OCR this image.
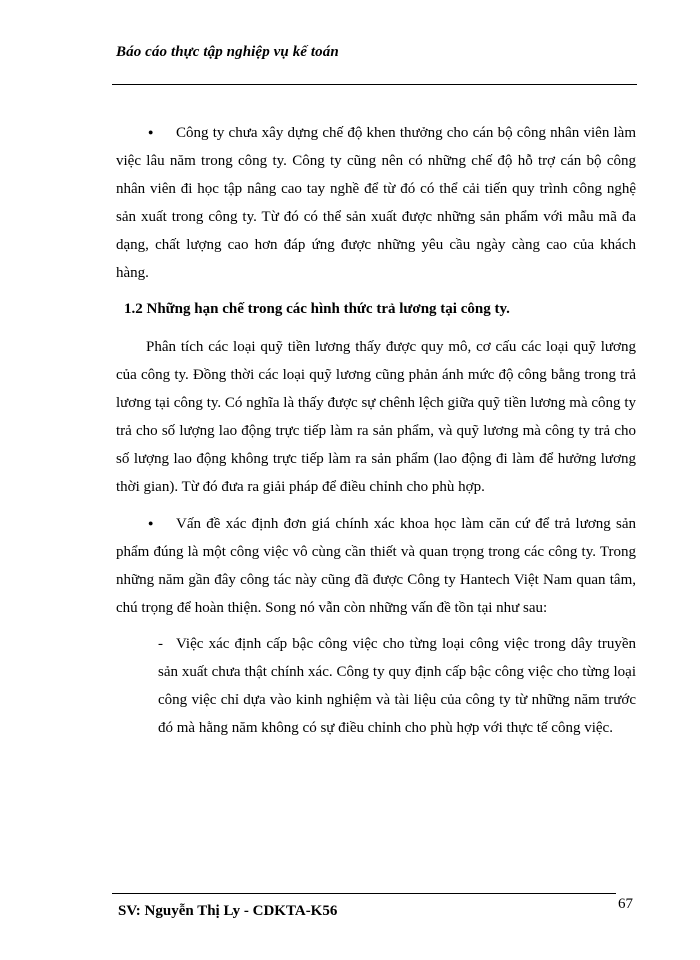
Báo cáo thực tập nghiệp vụ kế toán

● Công ty chưa xây dựng chế độ khen thưởng cho cán bộ công nhân viên làm việc lâu năm trong công ty. Công ty cũng nên có những chế độ hỗ trợ cán bộ công nhân viên đi học tập nâng cao tay nghề để từ đó có thể cải tiến quy trình công nghệ sản xuất trong công ty. Từ đó có thể sản xuất được những sản phẩm với mẫu mã đa dạng, chất lượng cao hơn đáp ứng được những yêu cầu ngày càng cao của khách hàng.

1.2 Những hạn chế trong các hình thức trả lương tại công ty.

Phân tích các loại quỹ tiền lương thấy được quy mô, cơ cấu các loại quỹ lương của công ty. Đồng thời các loại quỹ lương cũng phản ánh mức độ công bằng trong trả lương tại công ty. Có nghĩa là thấy được sự chênh lệch giữa quỹ tiền lương mà công ty trả cho số lượng lao động trực tiếp làm ra sản phẩm, và quỹ lương mà công ty trả cho số lượng lao động không trực tiếp làm ra sản phẩm (lao động đi làm để hưởng lương thời gian). Từ đó đưa ra giải pháp để điều chỉnh cho phù hợp.

● Vấn đề xác định đơn giá chính xác khoa học làm căn cứ để trả lương sản phẩm đúng là một công việc vô cùng cần thiết và quan trọng trong các công ty. Trong những năm gần đây công tác này cũng đã được Công ty Hantech Việt Nam quan tâm, chú trọng để hoàn thiện. Song nó vẫn còn những vấn đề tồn tại như sau:

- Việc xác định cấp bậc công việc cho từng loại công việc trong dây truyền sản xuất chưa thật chính xác. Công ty quy định cấp bậc công việc cho từng loại công việc chỉ dựa vào kinh nghiệm và tài liệu của công ty từ những năm trước đó mà hằng năm không có sự điều chỉnh cho phù hợp với thực tế công việc.

SV: Nguyễn Thị Ly - CDKTA-K56	67
